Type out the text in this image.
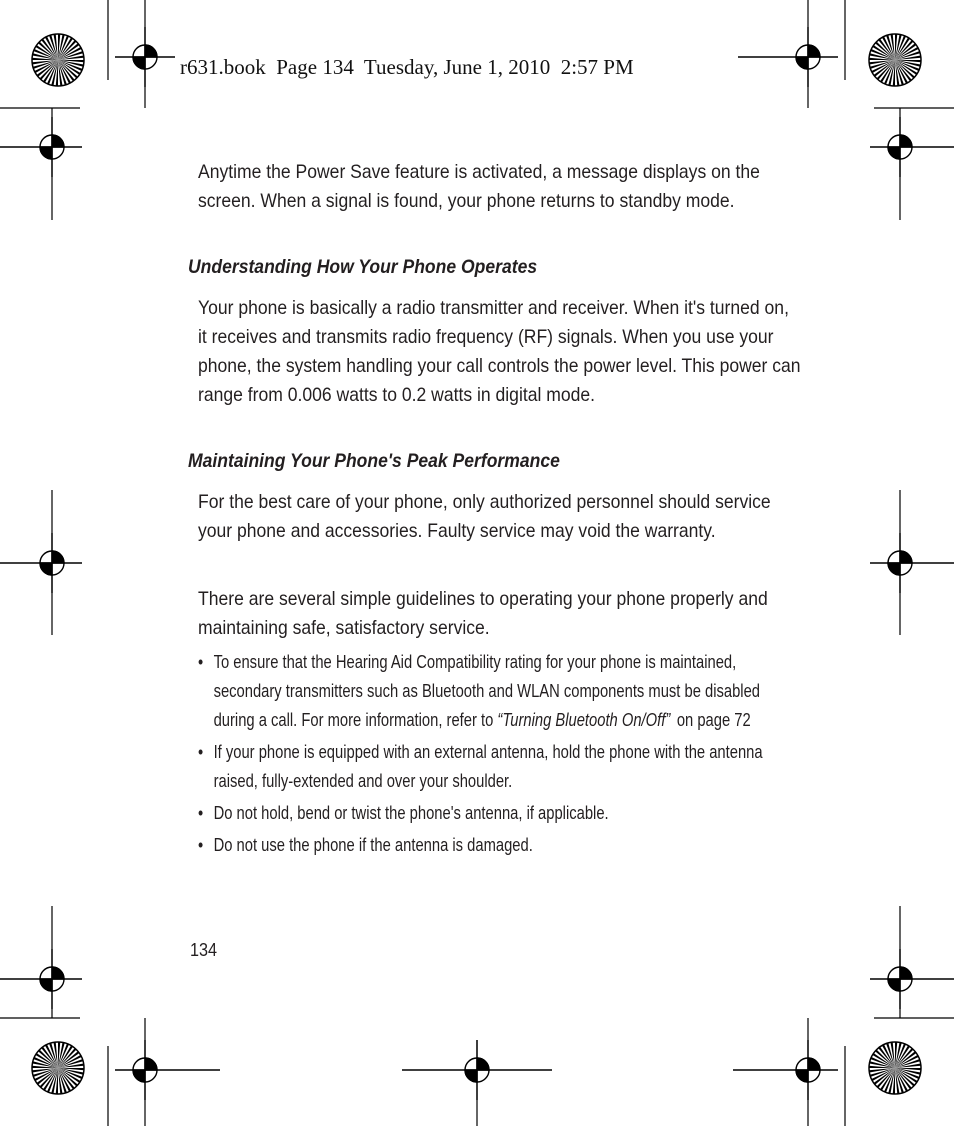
r631.book  Page 134  Tuesday, June 1, 2010  2:57 PM
Anytime the Power Save feature is activated, a message displays on the screen. When a signal is found, your phone returns to standby mode.
Understanding How Your Phone Operates
Your phone is basically a radio transmitter and receiver. When it's turned on, it receives and transmits radio frequency (RF) signals. When you use your phone, the system handling your call controls the power level. This power can range from 0.006 watts to 0.2 watts in digital mode.
Maintaining Your Phone's Peak Performance
For the best care of your phone, only authorized personnel should service your phone and accessories. Faulty service may void the warranty.
There are several simple guidelines to operating your phone properly and maintaining safe, satisfactory service.
• To ensure that the Hearing Aid Compatibility rating for your phone is maintained, secondary transmitters such as Bluetooth and WLAN components must be disabled during a call. For more information, refer to “Turning Bluetooth On/Off” on page 72
• If your phone is equipped with an external antenna, hold the phone with the antenna raised, fully-extended and over your shoulder.
• Do not hold, bend or twist the phone's antenna, if applicable.
• Do not use the phone if the antenna is damaged.
134
